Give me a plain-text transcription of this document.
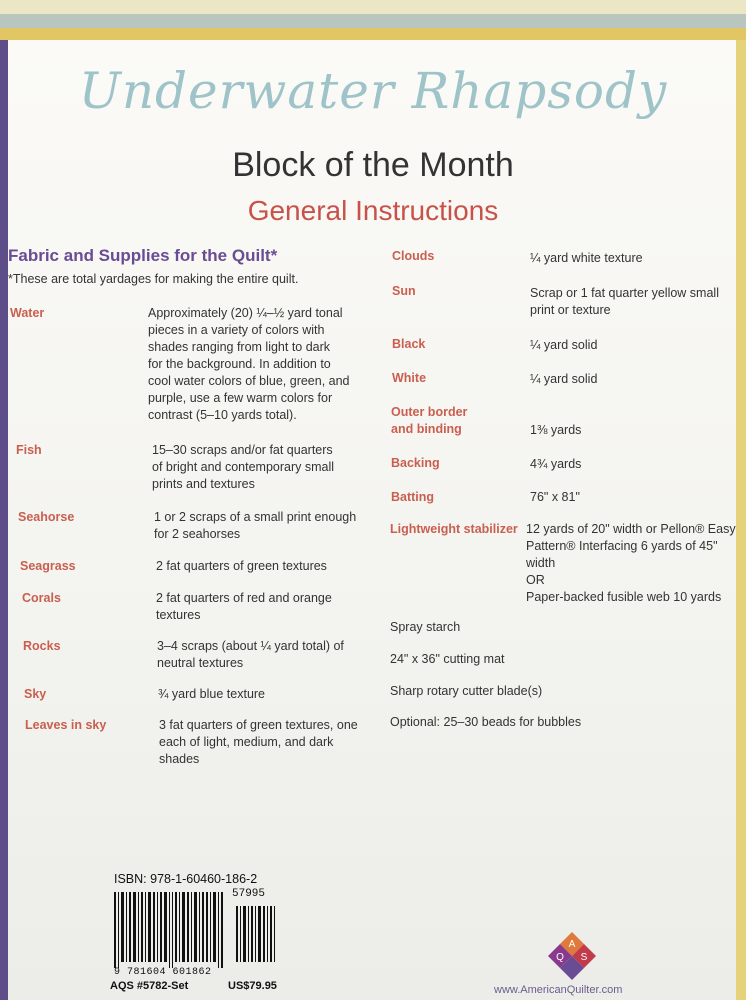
Underwater Rhapsody
Block of the Month
General Instructions
Fabric and Supplies for the Quilt*
*These are total yardages for making the entire quilt.
Water	Approximately (20) ¼–½ yard tonal
pieces in a variety of colors with
shades ranging from light to dark
for the background. In addition to
cool water colors of blue, green, and
purple, use a few warm colors for
contrast (5–10 yards total).
Fish	15–30 scraps and/or fat quarters
of bright and contemporary small
prints and textures
Seahorse	1 or 2 scraps of a small print enough
for 2 seahorses
Seagrass	2 fat quarters of green textures
Corals	2 fat quarters of red and orange
textures
Rocks	3–4 scraps (about ¼ yard total) of
neutral textures
Sky	¾ yard blue texture
Leaves in sky	3 fat quarters of green textures, one
each of light, medium, and dark
shades
Clouds	¼ yard white texture
Sun	Scrap or 1 fat quarter yellow small
print or texture
Black	¼ yard solid
White	¼ yard solid
Outer border
and binding	1⅜ yards
Backing	4¾ yards
Batting	76" x 81"
Lightweight stabilizer 12 yards of 20" width or Pellon® Easy
Pattern® Interfacing 6 yards of 45"
width
OR
Paper-backed fusible web 10 yards
Spray starch
24" x 36" cutting mat
Sharp rotary cutter blade(s)
Optional: 25–30 beads for bubbles
ISBN: 978-1-60460-186-2
57995
9 781604 601862
AQS #5782-Set	US$79.95
A
Q S
www.AmericanQuilter.com
